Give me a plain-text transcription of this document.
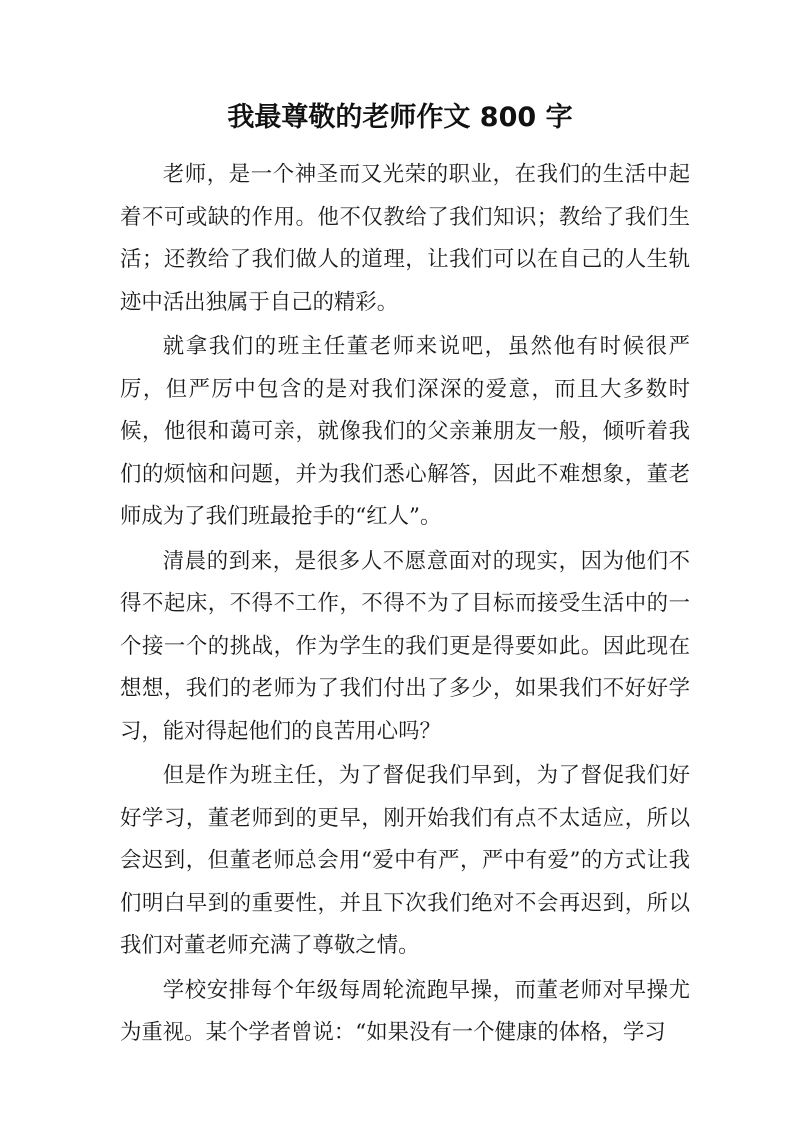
我最尊敬的老师作文 800 字

老师，是一个神圣而又光荣的职业，在我们的生活中起着不可或缺的作用。他不仅教给了我们知识；教给了我们生活；还教给了我们做人的道理，让我们可以在自己的人生轨迹中活出独属于自己的精彩。

就拿我们的班主任董老师来说吧，虽然他有时候很严厉，但严厉中包含的是对我们深深的爱意，而且大多数时候，他很和蔼可亲，就像我们的父亲兼朋友一般，倾听着我们的烦恼和问题，并为我们悉心解答，因此不难想象，董老师成为了我们班最抢手的“红人”。

清晨的到来，是很多人不愿意面对的现实，因为他们不得不起床，不得不工作，不得不为了目标而接受生活中的一个接一个的挑战，作为学生的我们更是得要如此。因此现在想想，我们的老师为了我们付出了多少，如果我们不好好学习，能对得起他们的良苦用心吗？

但是作为班主任，为了督促我们早到，为了督促我们好好学习，董老师到的更早，刚开始我们有点不太适应，所以会迟到，但董老师总会用“爱中有严，严中有爱”的方式让我们明白早到的重要性，并且下次我们绝对不会再迟到，所以我们对董老师充满了尊敬之情。

学校安排每个年级每周轮流跑早操，而董老师对早操尤为重视。某个学者曾说：“如果没有一个健康的体格，学习
